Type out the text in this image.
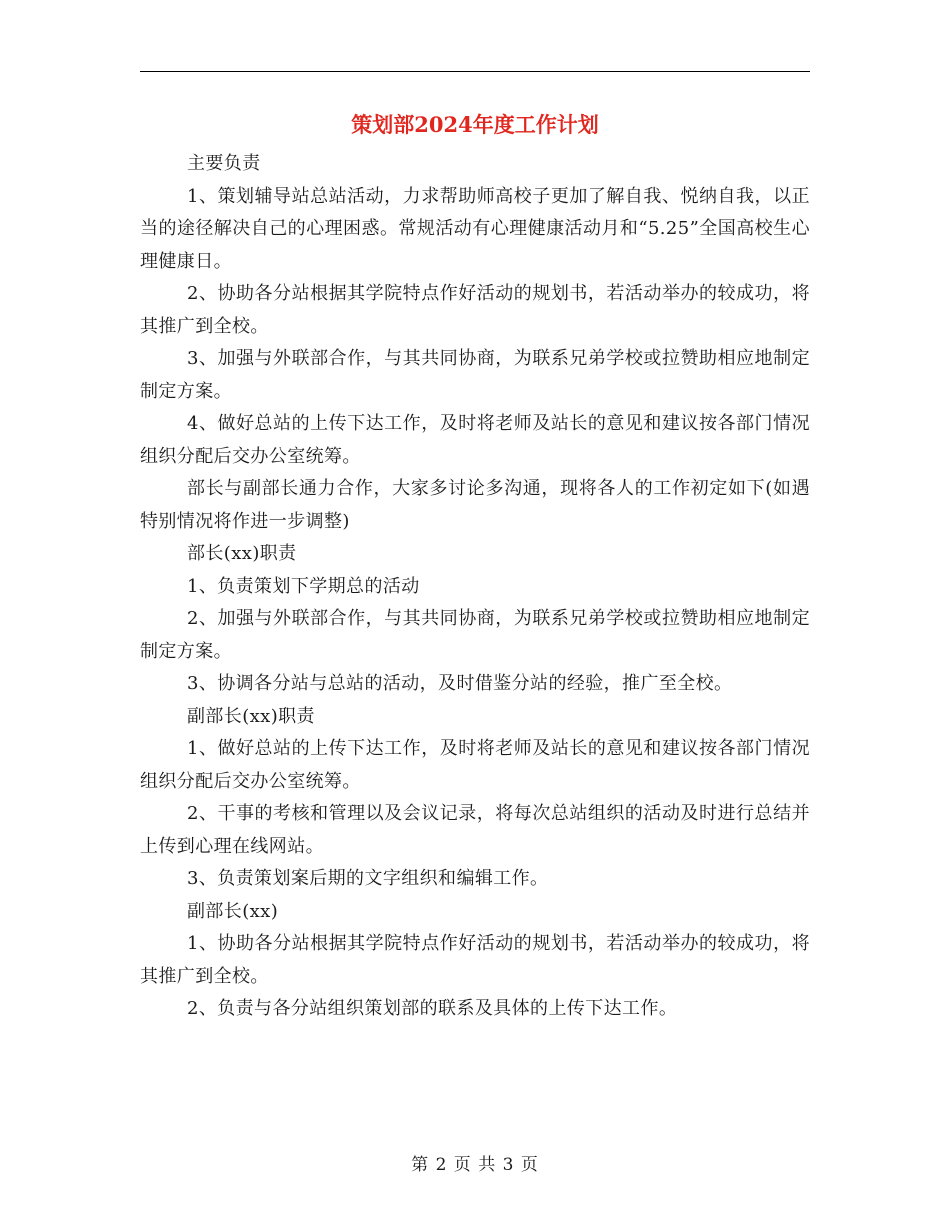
策划部2024年度工作计划

主要负责

1、策划辅导站总站活动，力求帮助师高校子更加了解自我、悦纳自我，以正当的途径解决自己的心理困惑。常规活动有心理健康活动月和“5.25”全国高校生心理健康日。

2、协助各分站根据其学院特点作好活动的规划书，若活动举办的较成功，将其推广到全校。

3、加强与外联部合作，与其共同协商，为联系兄弟学校或拉赞助相应地制定制定方案。

4、做好总站的上传下达工作，及时将老师及站长的意见和建议按各部门情况组织分配后交办公室统筹。

部长与副部长通力合作，大家多讨论多沟通，现将各人的工作初定如下(如遇特别情况将作进一步调整)

部长(xx)职责

1、负责策划下学期总的活动

2、加强与外联部合作，与其共同协商，为联系兄弟学校或拉赞助相应地制定制定方案。

3、协调各分站与总站的活动，及时借鉴分站的经验，推广至全校。

副部长(xx)职责

1、做好总站的上传下达工作，及时将老师及站长的意见和建议按各部门情况组织分配后交办公室统筹。

2、干事的考核和管理以及会议记录，将每次总站组织的活动及时进行总结并上传到心理在线网站。

3、负责策划案后期的文字组织和编辑工作。

副部长(xx)

1、协助各分站根据其学院特点作好活动的规划书，若活动举办的较成功，将其推广到全校。

2、负责与各分站组织策划部的联系及具体的上传下达工作。

第 2 页 共 3 页
